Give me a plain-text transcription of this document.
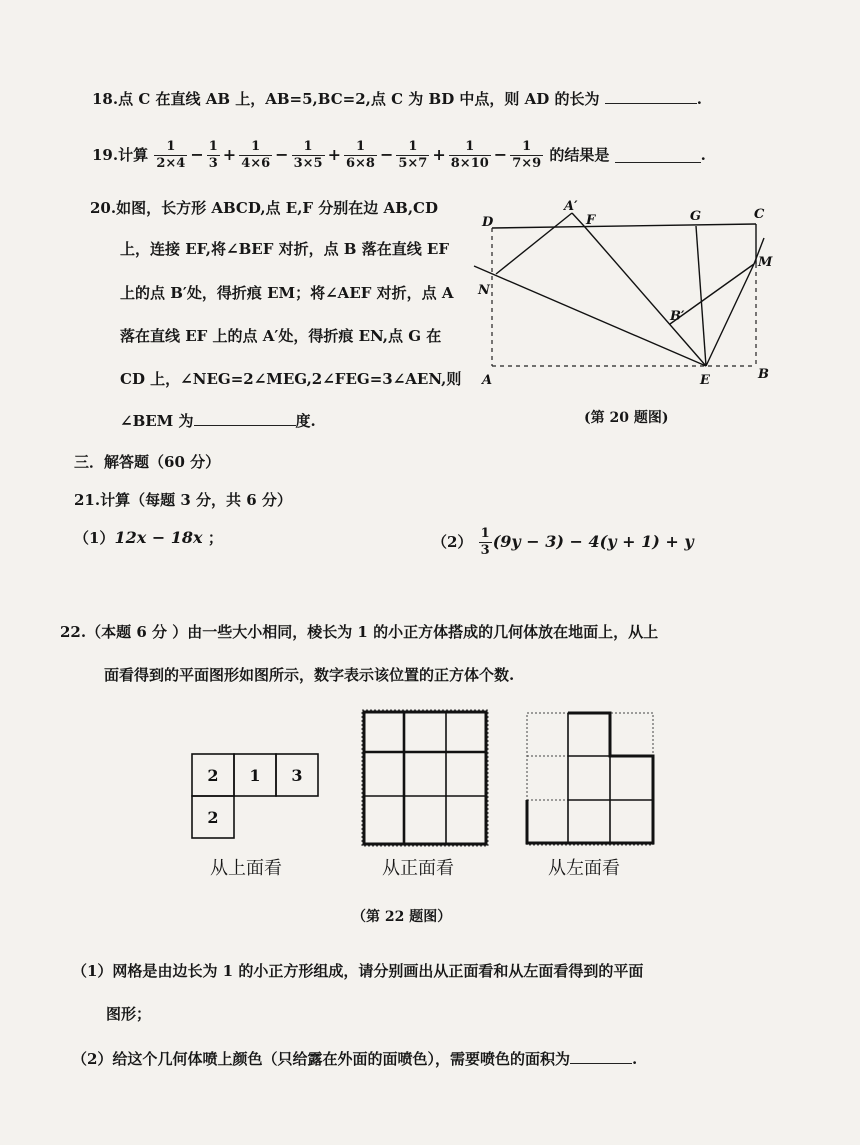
18.点 C 在直线 AB 上，AB=5,BC=2,点 C 为 BD 中点，则 AD 的长为	.
19.计算 $\frac{1}{2\times 4} - \frac{1}{3} + \frac{1}{4\times 6} - \frac{1}{3\times 5} + \frac{1}{6\times 8} - \frac{1}{5\times 7} + \frac{1}{8\times 10} - \frac{1}{7\times 9}$ 的结果是	.
20.如图，长方形 ABCD,点 E,F 分别在边 AB,CD
上，连接 EF,将∠BEF 对折，点 B 落在直线 EF
上的点 B′处，得折痕 EM；将∠AEF 对折，点 A
落在直线 EF 上的点 A′处，得折痕 EN,点 G 在
CD 上，∠NEG=2∠MEG,2∠FEG=3∠AEN,则
∠BEM 为	度.
D
A′
F	G	C
M
N
B′
A	E	B
(第 20 题图)
三．解答题（60 分）
21.计算（每题 3 分，共 6 分）
（1）12x − 18x ；	$(2) \frac{1}{3} (9y - 3) - 4(y + 1) + y$
22.（本题 6 分 ）由一些大小相同，棱长为 1 的小正方体搭成的几何体放在地面上，从上
面看得到的平面图形如图所示，数字表示该位置的正方体个数.
2 1 3
2
从上面看	从正面看	从左面看
（第 22 题图）
（1）网格是由边长为 1 的小正方形组成，请分别画出从正面看和从左面看得到的平面
图形；
（2）给这个几何体喷上颜色（只给露在外面的面喷色），需要喷色的面积为	.
